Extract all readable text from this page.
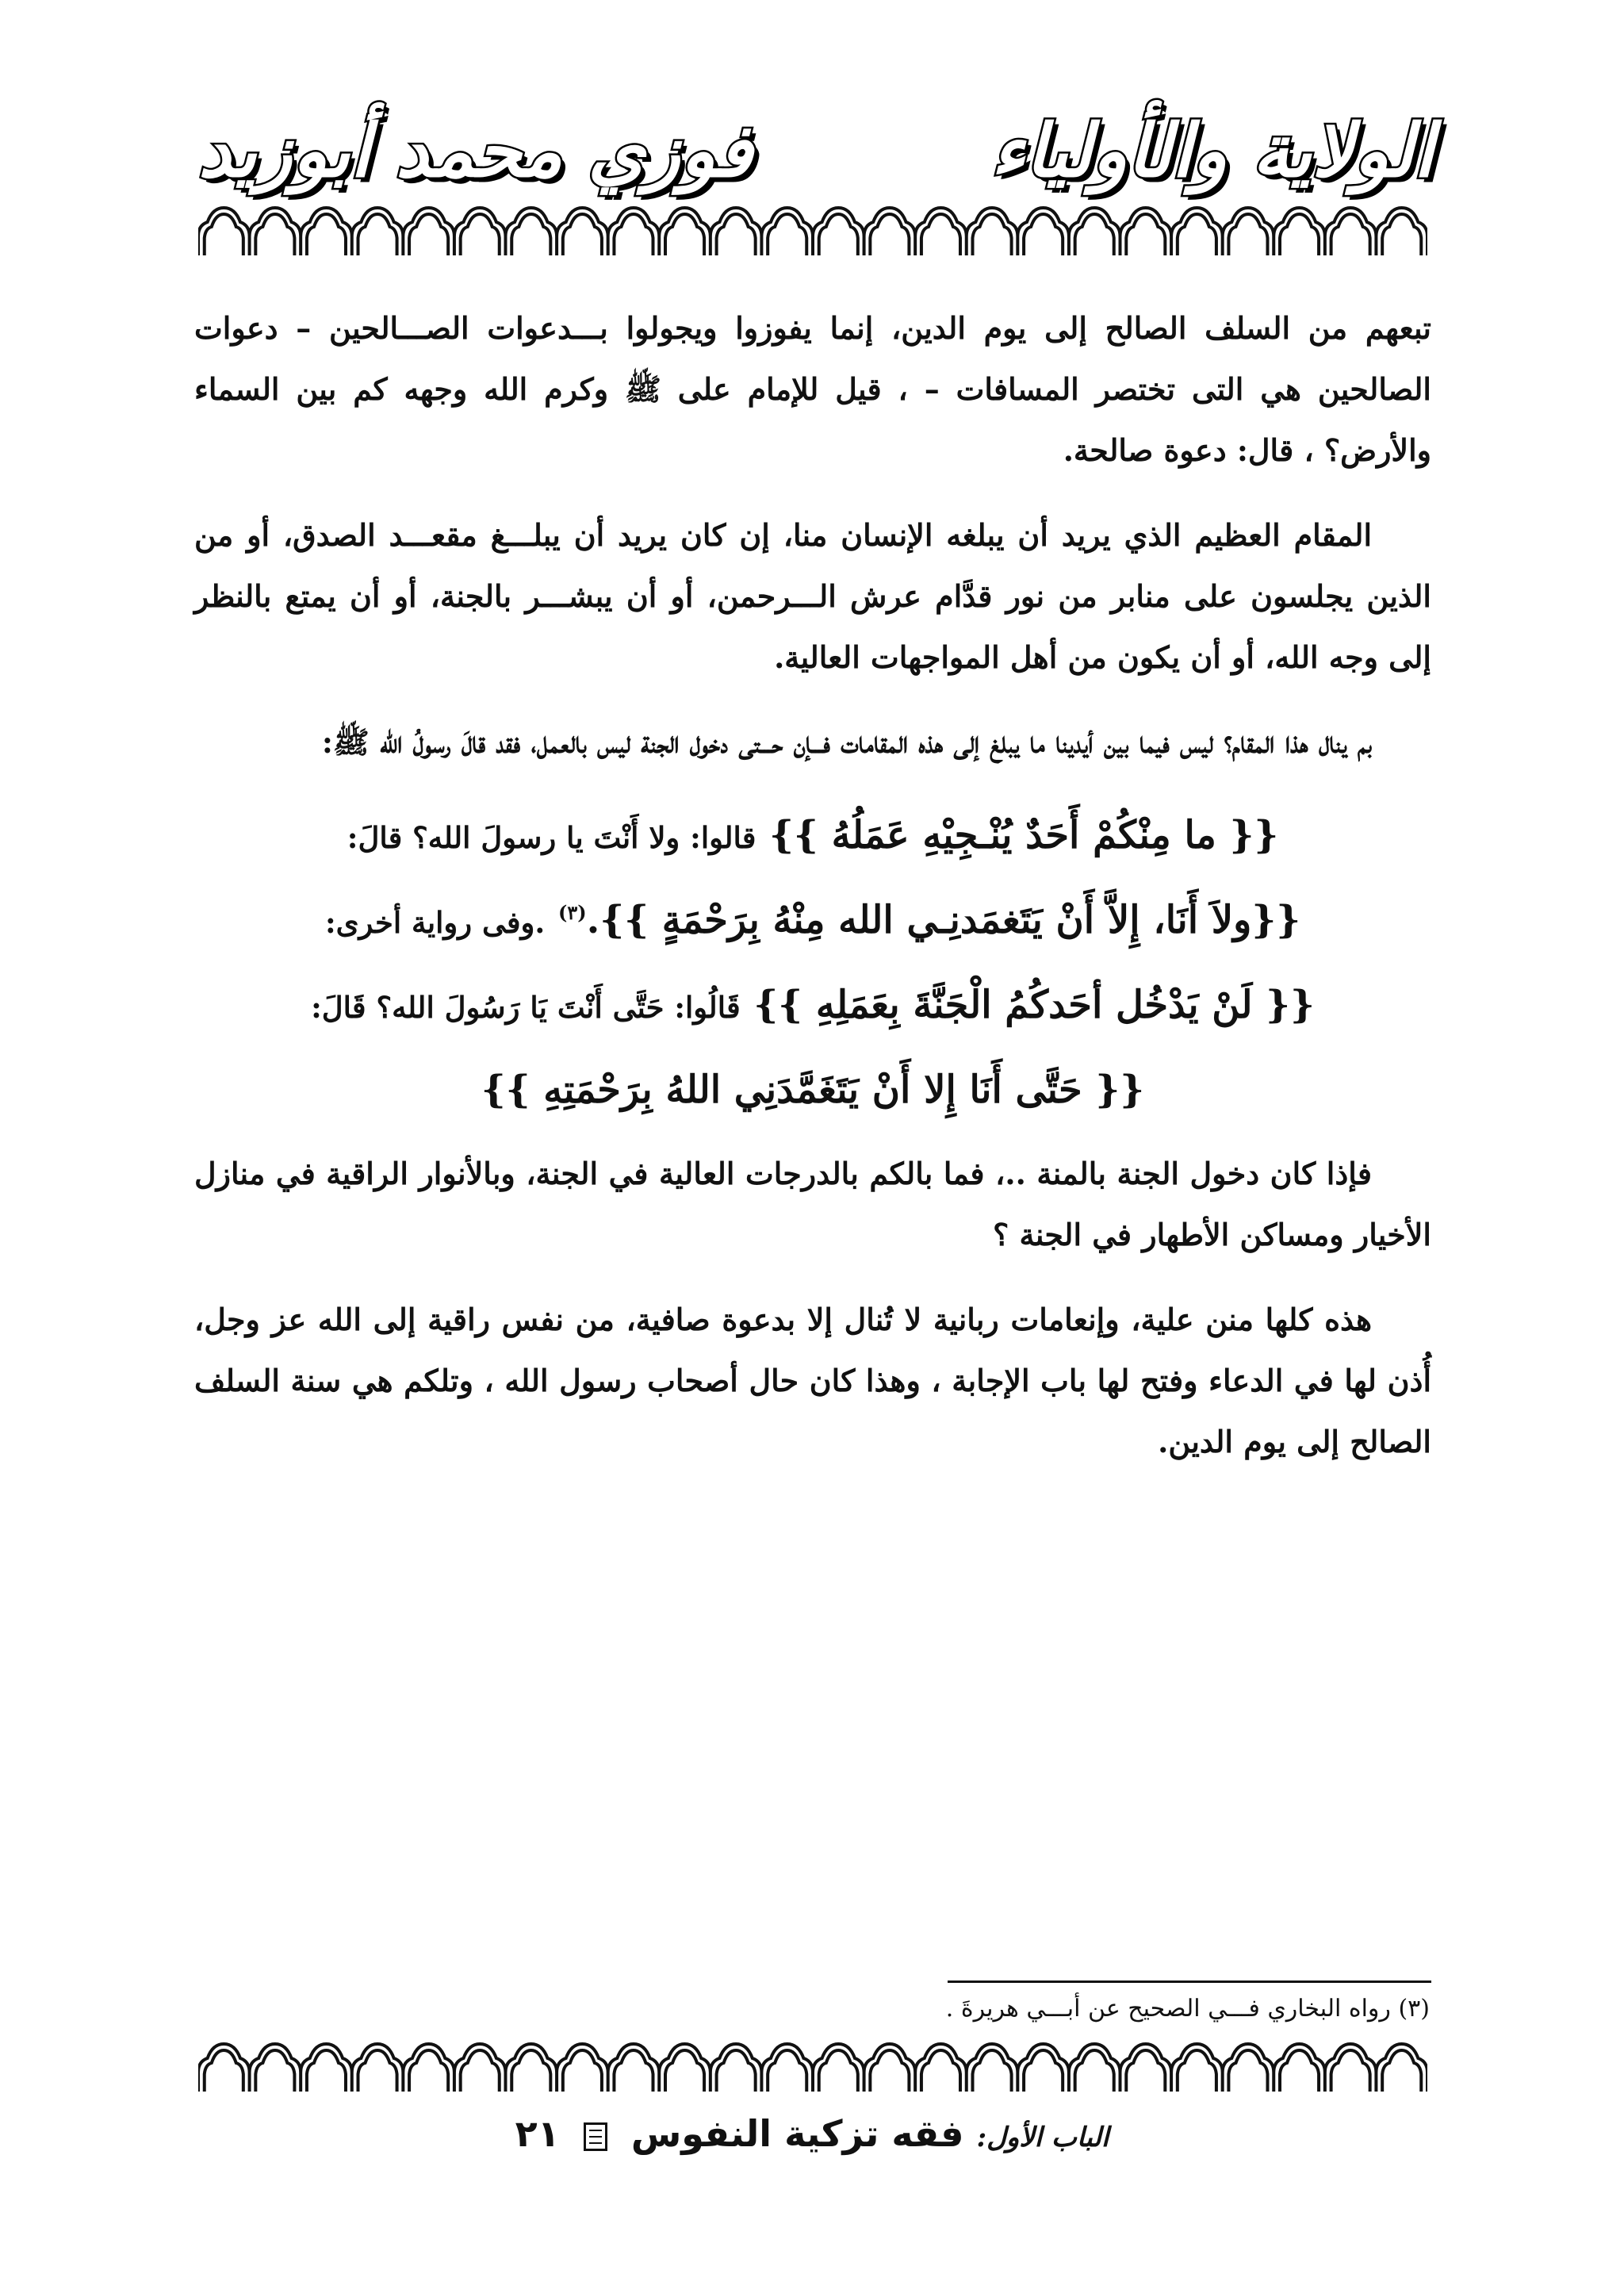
الولاية والأولياء
فوزي محمد أبوزيد

تبعهم من السلف الصالح إلى يوم الدين، إنما يفوزوا ويجولوا بـــدعوات الصـــالحين – دعوات الصالحين هي التى تختصر المسافات – ، قيل للإمام على ﷺ وكرم الله وجهه كم بين السماء والأرض؟ ، قال: دعوة صالحة.

المقام العظيم الذي يريد أن يبلغه الإنسان منا، إن كان يريد أن يبلـــغ مقعـــد الصدق، أو من الذين يجلسون على منابر من نور قدَّام عرش الـــرحمن، أو أن يبشـــر بالجنة، أو أن يمتع بالنظر إلى وجه الله، أو أن يكون من أهل المواجهات العالية.

بم ينال هذا المقام؟ ليس فيما بين أيدينا ما يبلغ إلى هذه المقامات فـــإن حـــتى دخول الجنة ليس بالعمل، فقد قالَ رسولُ الله ﷺ:

{{ ما مِنْكُمْ أَحَدٌ يُنْـجِيْهِ عَمَلُهُ }} قالوا: ولا أَنْتَ يا رسولَ الله؟ قالَ:

{{ولاَ أَنَا، إِلاَّ أَنْ يَتَغمَدنِـي الله مِنْهُ بِرَحْمَةٍ }}.$^{(٣)}$ .وفى رواية أخرى:

{{ لَنْ يَدْخُل أحَدكُمُ الْجَنَّةَ بِعَمَلِهِ }} قَالُوا: حَتَّى أَنْتَ يَا رَسُولَ الله؟ قَالَ:

{{ حَتَّى أَنَا إِلا أَنْ يَتَغَمَّدَنِي اللهُ بِرَحْمَتِهِ }}

فإذا كان دخول الجنة بالمنة ..، فما بالكم بالدرجات العالية في الجنة، وبالأنوار الراقية في منازل الأخيار ومساكن الأطهار في الجنة ؟

هذه كلها منن علية، وإنعامات ربانية لا تُنال إلا بدعوة صافية، من نفس راقية إلى الله عز وجل، أُذن لها في الدعاء وفتح لها باب الإجابة ، وهذا كان حال أصحاب رسول الله ، وتلكم هي سنة السلف الصالح إلى يوم الدين.

(٣) رواه البخاري فـــي الصحيح عن أبـــي هريرةَ .
الباب الأول: فقه تزكية النفوس  ٢١
